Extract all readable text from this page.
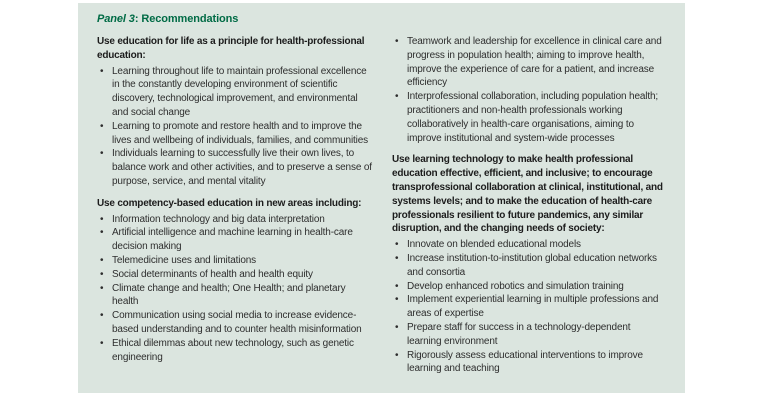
Panel 3: Recommendations
Use education for life as a principle for health-professional education:
• Learning throughout life to maintain professional excellence in the constantly developing environment of scientific discovery, technological improvement, and environmental and social change
• Learning to promote and restore health and to improve the lives and wellbeing of individuals, families, and communities
• Individuals learning to successfully live their own lives, to balance work and other activities, and to preserve a sense of purpose, service, and mental vitality
Use competency-based education in new areas including:
• Information technology and big data interpretation
• Artificial intelligence and machine learning in health-care decision making
• Telemedicine uses and limitations
• Social determinants of health and health equity
• Climate change and health; One Health; and planetary health
• Communication using social media to increase evidence-based understanding and to counter health misinformation
• Ethical dilemmas about new technology, such as genetic engineering
• Teamwork and leadership for excellence in clinical care and progress in population health; aiming to improve health, improve the experience of care for a patient, and increase efficiency
• Interprofessional collaboration, including population health; practitioners and non-health professionals working collaboratively in health-care organisations, aiming to improve institutional and system-wide processes
Use learning technology to make health professional education effective, efficient, and inclusive; to encourage transprofessional collaboration at clinical, institutional, and systems levels; and to make the education of health-care professionals resilient to future pandemics, any similar disruption, and the changing needs of society:
• Innovate on blended educational models
• Increase institution-to-institution global education networks and consortia
• Develop enhanced robotics and simulation training
• Implement experiential learning in multiple professions and areas of expertise
• Prepare staff for success in a technology-dependent learning environment
• Rigorously assess educational interventions to improve learning and teaching
